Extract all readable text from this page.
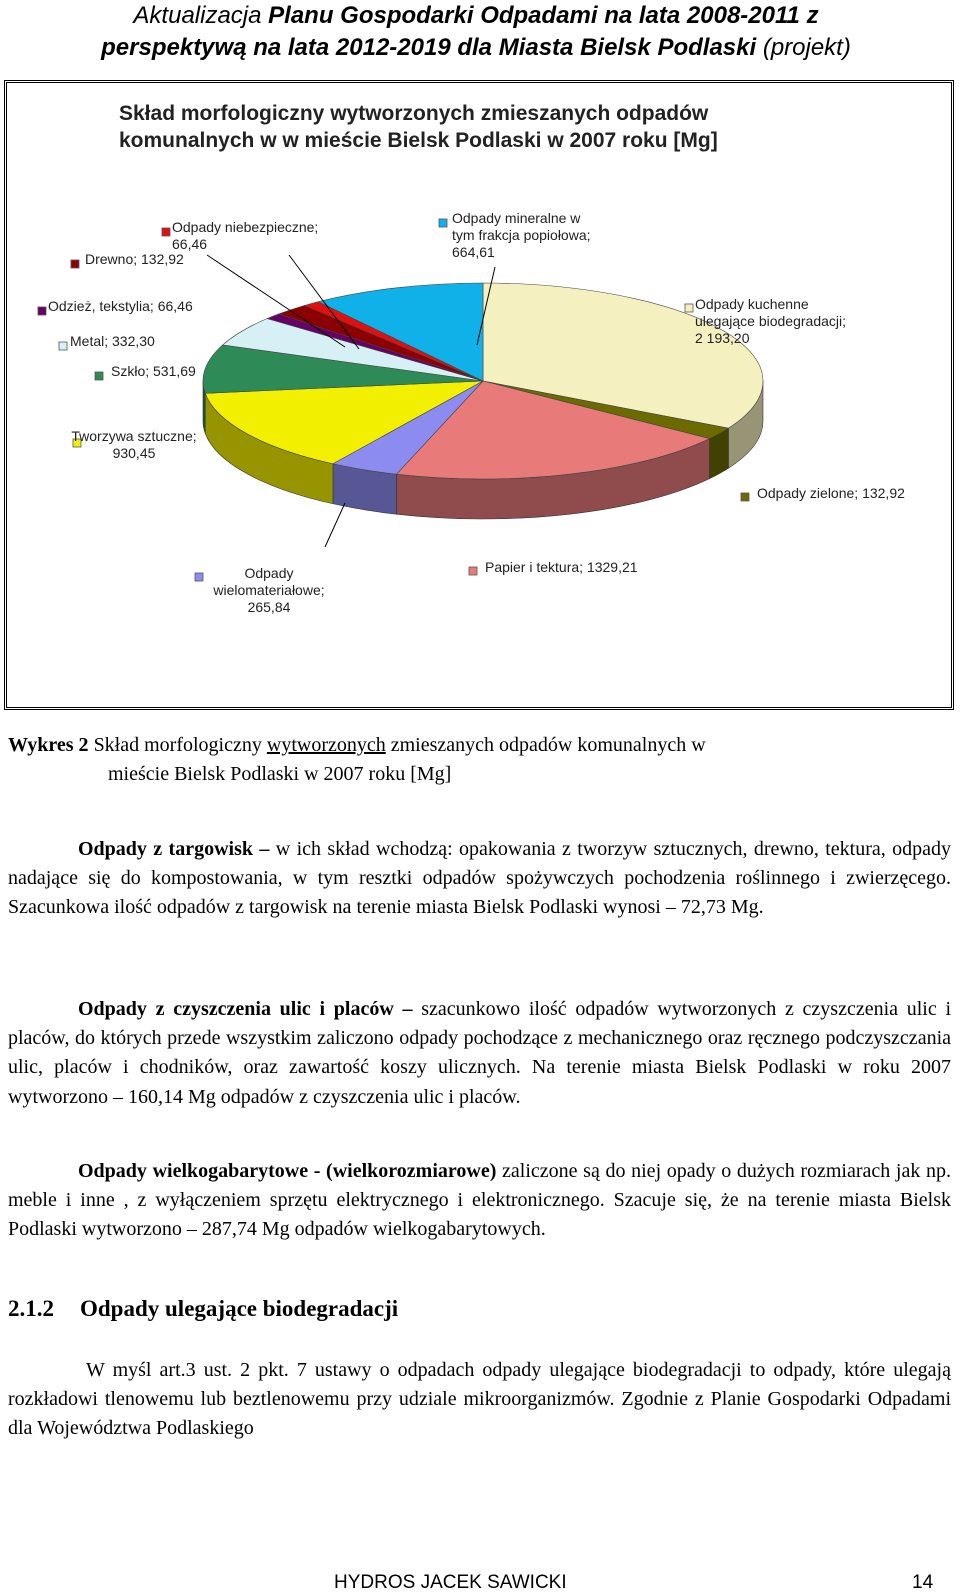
Aktualizacja Planu Gospodarki Odpadami na lata 2008-2011 z
perspektywą na lata 2012-2019 dla Miasta Bielsk Podlaski (projekt)
Skład morfologiczny wytworzonych zmieszanych odpadów
komunalnych w w mieście Bielsk Podlaski w 2007 roku [Mg]
Odpady kuchenne ulegające biodegradacji; 2 193,20
Odpady zielone; 132,92
Papier i tektura; 1329,21
Odpady wielomateriałowe; 265,84
Tworzywa sztuczne; 930,45
Szkło; 531,69
Metal; 332,30
Odzież, tekstylia; 66,46
Drewno; 132,92
Odpady niebezpieczne; 66,46
Odpady mineralne w tym frakcja popiołowa; 664,61
Wykres 2 Skład morfologiczny wytworzonych zmieszanych odpadów komunalnych w
mieście Bielsk Podlaski w 2007 roku [Mg]
Odpady z targowisk – w ich skład wchodzą: opakowania z tworzyw sztucznych, drewno, tektura, odpady nadające się do kompostowania, w tym resztki odpadów spożywczych pochodzenia roślinnego i zwierzęcego. Szacunkowa ilość odpadów z targowisk na terenie miasta Bielsk Podlaski wynosi – 72,73 Mg.
Odpady z czyszczenia ulic i placów – szacunkowo ilość odpadów wytworzonych z czyszczenia ulic i placów, do których przede wszystkim zaliczono odpady pochodzące z mechanicznego oraz ręcznego podczyszczania ulic, placów i chodników, oraz zawartość koszy ulicznych. Na terenie miasta Bielsk Podlaski w roku 2007 wytworzono – 160,14 Mg odpadów z czyszczenia ulic i placów.
Odpady wielkogabarytowe - (wielkorozmiarowe) zaliczone są do niej opady o dużych rozmiarach jak np. meble i inne , z wyłączeniem sprzętu elektrycznego i elektronicznego. Szacuje się, że na terenie miasta Bielsk Podlaski wytworzono – 287,74 Mg odpadów wielkogabarytowych.
2.1.2 Odpady ulegające biodegradacji
W myśl art.3 ust. 2 pkt. 7 ustawy o odpadach odpady ulegające biodegradacji to odpady, które ulegają rozkładowi tlenowemu lub beztlenowemu przy udziale mikroorganizmów. Zgodnie z Planie Gospodarki Odpadami dla Województwa Podlaskiego
HYDROS JACEK SAWICKI	14
